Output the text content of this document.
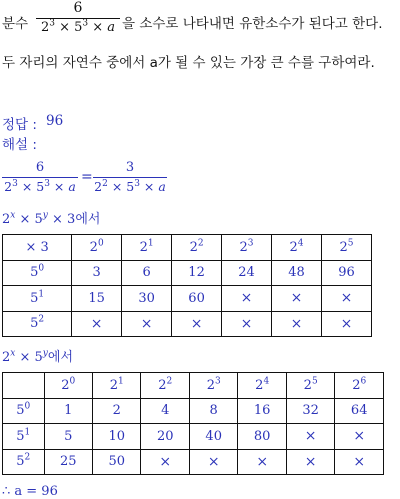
분수
6
$2^3 \times 5^3 \times a$ 을 소수로 나타내면 유한소수가 된다고 한다.
두 자리의 자연수 중에서 a가 될 수 있는 가장 큰 수를 구하여라.
정답 : 96
해설 :
6
$2^3 \times 5^3 \times a$
=
3
$2^2 \times 5^3 \times a$
$2^x \times 5^y \times 3$에서
× 3	$2^0$	$2^1$	$2^2$	$2^3$	$2^4$	$2^5$
$5^0$	3	6	12	24	48	96
$5^1$	15	30	60	×	×	×
$5^2$	×	×	×	×	×	×
$2^x \times 5^y$에서
	$2^0$	$2^1$	$2^2$	$2^3$	$2^4$	$2^5$	$2^6$
$5^0$	1	2	4	8	16	32	64
$5^1$	5	10	20	40	80	×	×
$5^2$	25	50	×	×	×	×	×
∴ a = 96
